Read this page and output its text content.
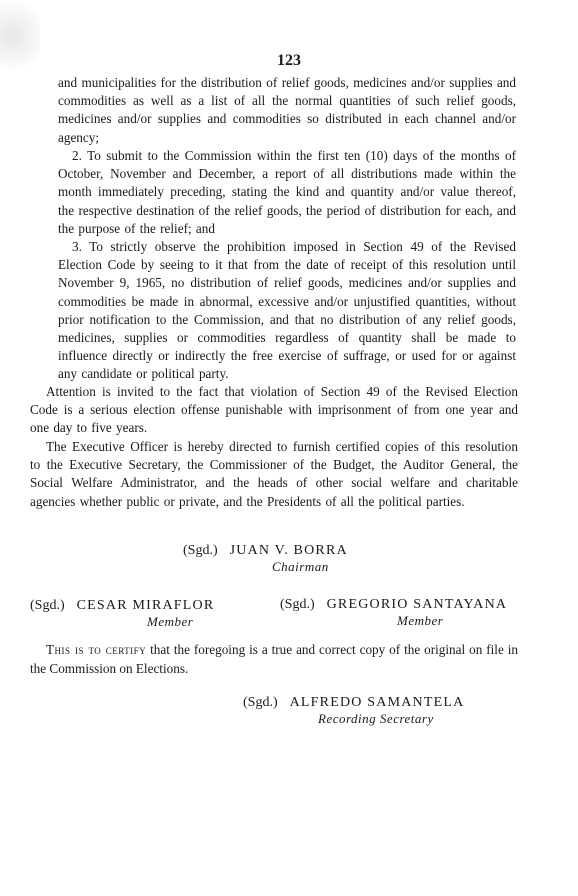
123
and municipalities for the distribution of relief goods, medicines and/or supplies and commodities as well as a list of all the normal quantities of such relief goods, medicines and/or supplies and commodities so distributed in each channel and/or agency;
2. To submit to the Commission within the first ten (10) days of the months of October, November and December, a report of all distributions made within the month immediately preceding, stating the kind and quantity and/or value thereof, the respective destination of the relief goods, the period of distribution for each, and the purpose of the relief; and
3. To strictly observe the prohibition imposed in Section 49 of the Revised Election Code by seeing to it that from the date of receipt of this resolution until November 9, 1965, no distribution of relief goods, medicines and/or supplies and commodities be made in abnormal, excessive and/or unjustified quantities, without prior notification to the Commission, and that no distribution of any relief goods, medicines, supplies or commodities regardless of quantity shall be made to influence directly or indirectly the free exercise of suffrage, or used for or against any candidate or political party.
Attention is invited to the fact that violation of Section 49 of the Revised Election Code is a serious election offense punishable with imprisonment of from one year and one day to five years.
The Executive Officer is hereby directed to furnish certified copies of this resolution to the Executive Secretary, the Commissioner of the Budget, the Auditor General, the Social Welfare Administrator, and the heads of other social welfare and charitable agencies whether public or private, and the Presidents of all the political parties.
(Sgd.) JUAN V. BORRA
Chairman
(Sgd.) CESAR MIRAFLOR
Member
(Sgd.) GREGORIO SANTAYANA
Member
This is to certify that the foregoing is a true and correct copy of the original on file in the Commission on Elections.
(Sgd.) ALFREDO SAMANTELA
Recording Secretary
